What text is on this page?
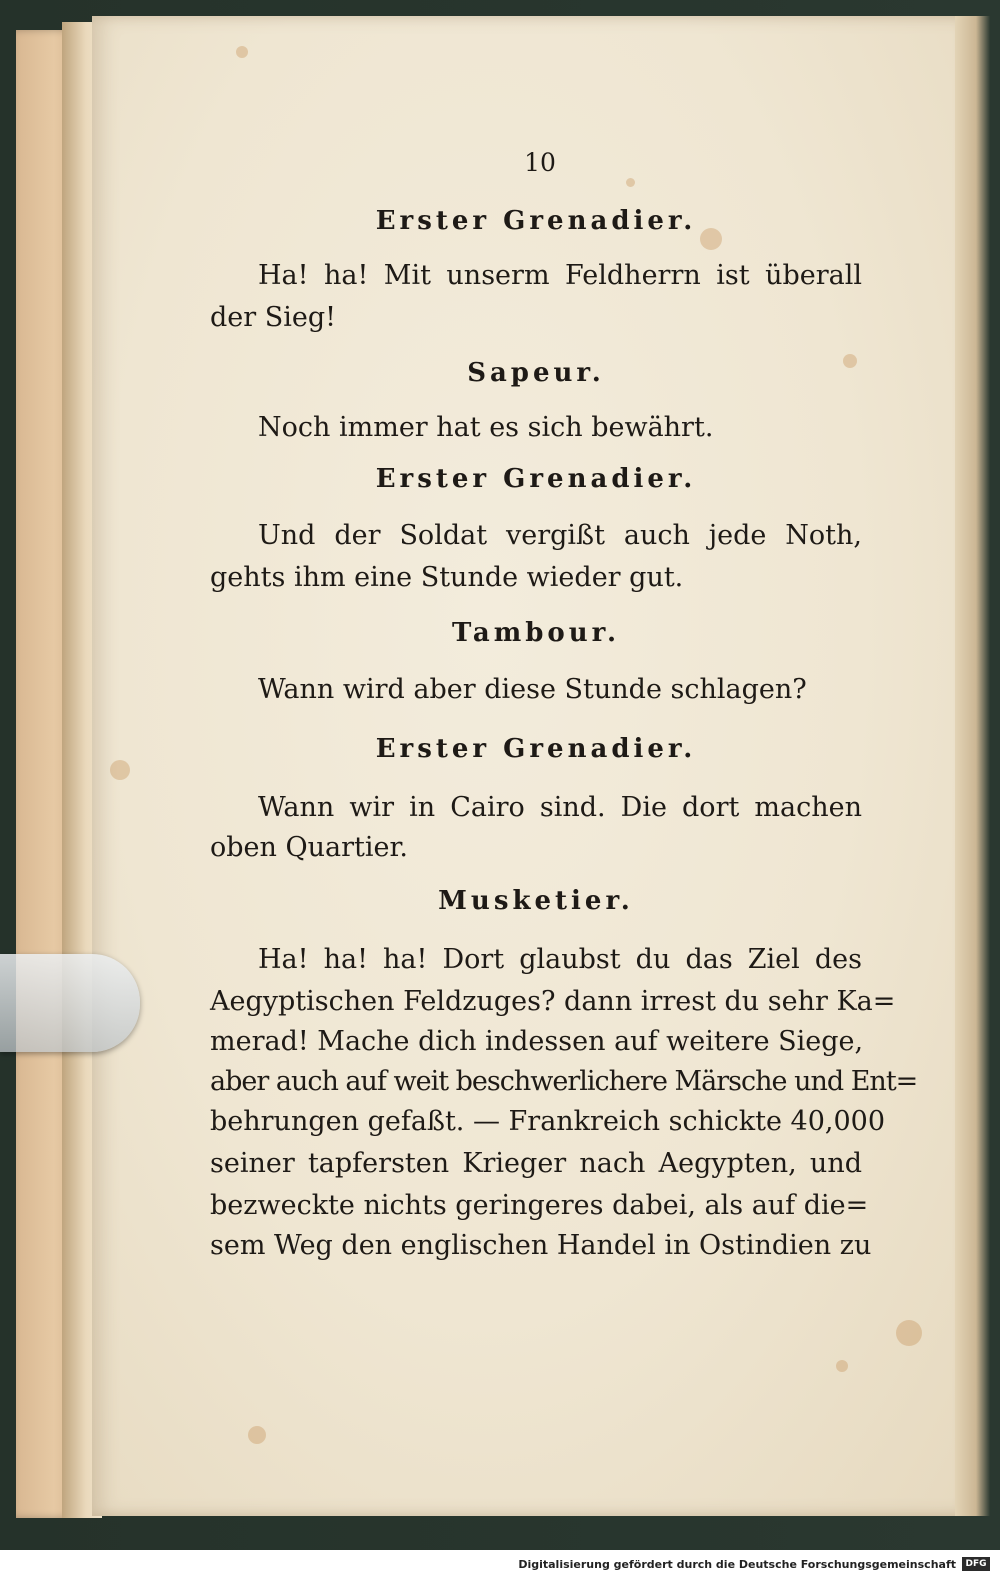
10
Erster Grenadier.
Ha! ha! Mit unserm Feldherrn ist überall
der Sieg!
Sapeur.
Noch immer hat es sich bewährt.
Erster Grenadier.
Und der Soldat vergißt auch jede Noth,
gehts ihm eine Stunde wieder gut.
Tambour.
Wann wird aber diese Stunde schlagen?
Erster Grenadier.
Wann wir in Cairo sind. Die dort machen
oben Quartier.
Musketier.
Ha! ha! ha! Dort glaubst du das Ziel des
Aegyptischen Feldzuges? dann irrest du sehr Ka=
merad! Mache dich indessen auf weitere Siege,
aber auch auf weit beschwerlichere Märsche und Ent=
behrungen gefaßt. — Frankreich schickte 40,000
seiner tapfersten Krieger nach Aegypten, und
bezweckte nichts geringeres dabei, als auf die=
sem Weg den englischen Handel in Ostindien zu
Digitalisierung gefördert durch die Deutsche Forschungsgemeinschaft	DFG
